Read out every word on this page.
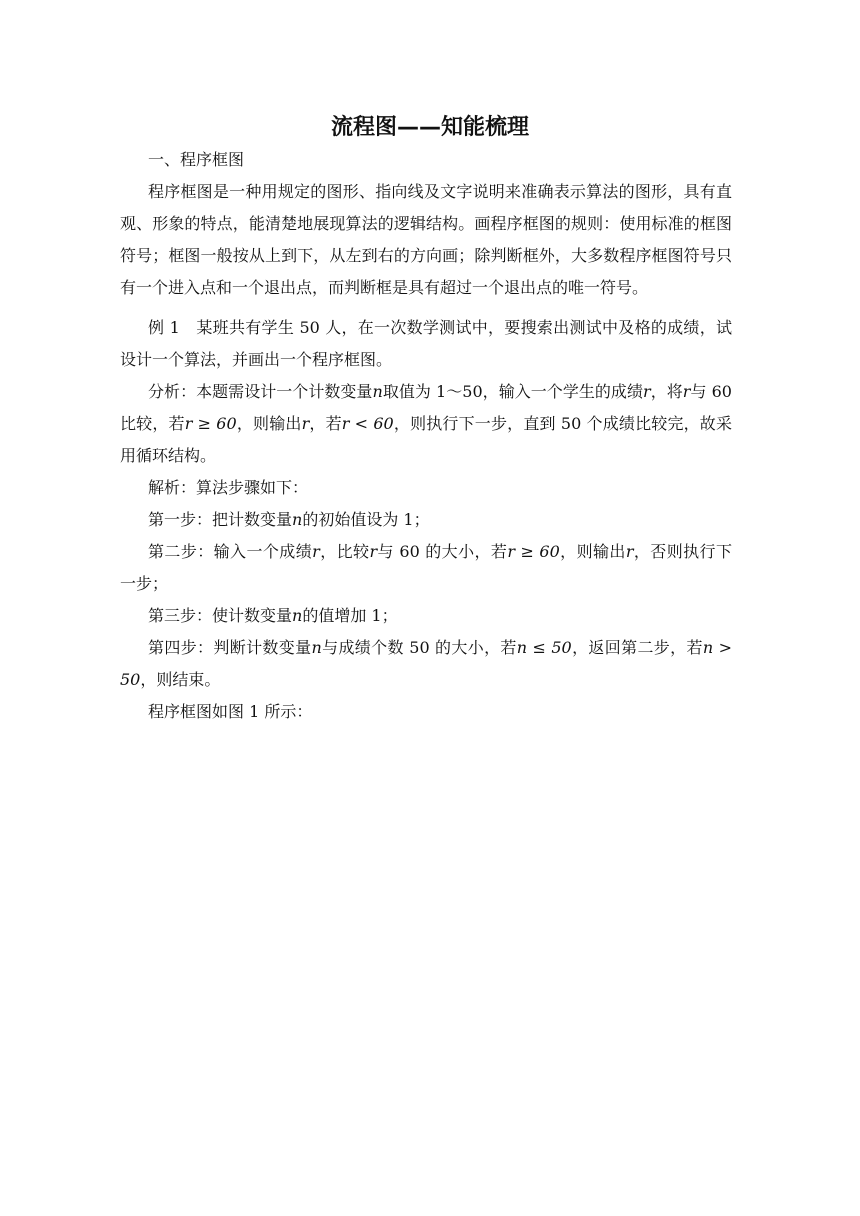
流程图——知能梳理

一、程序框图

程序框图是一种用规定的图形、指向线及文字说明来准确表示算法的图形，具有直观、形象的特点，能清楚地展现算法的逻辑结构。画程序框图的规则：使用标准的框图符号；框图一般按从上到下，从左到右的方向画；除判断框外，大多数程序框图符号只有一个进入点和一个退出点，而判断框是具有超过一个退出点的唯一符号。

例 1　某班共有学生 50 人，在一次数学测试中，要搜索出测试中及格的成绩，试设计一个算法，并画出一个程序框图。

分析：本题需设计一个计数变量n取值为 1～50，输入一个学生的成绩r，将r与 60 比较，若r ≥ 60，则输出r，若r < 60，则执行下一步，直到 50 个成绩比较完，故采用循环结构。

解析：算法步骤如下：

第一步：把计数变量n的初始值设为 1；

第二步：输入一个成绩r，比较r与 60 的大小，若r ≥ 60，则输出r，否则执行下一步；

第三步：使计数变量n的值增加 1；

第四步：判断计数变量n与成绩个数 50 的大小，若n ≤ 50，返回第二步，若n > 50，则结束。

程序框图如图 1 所示：
